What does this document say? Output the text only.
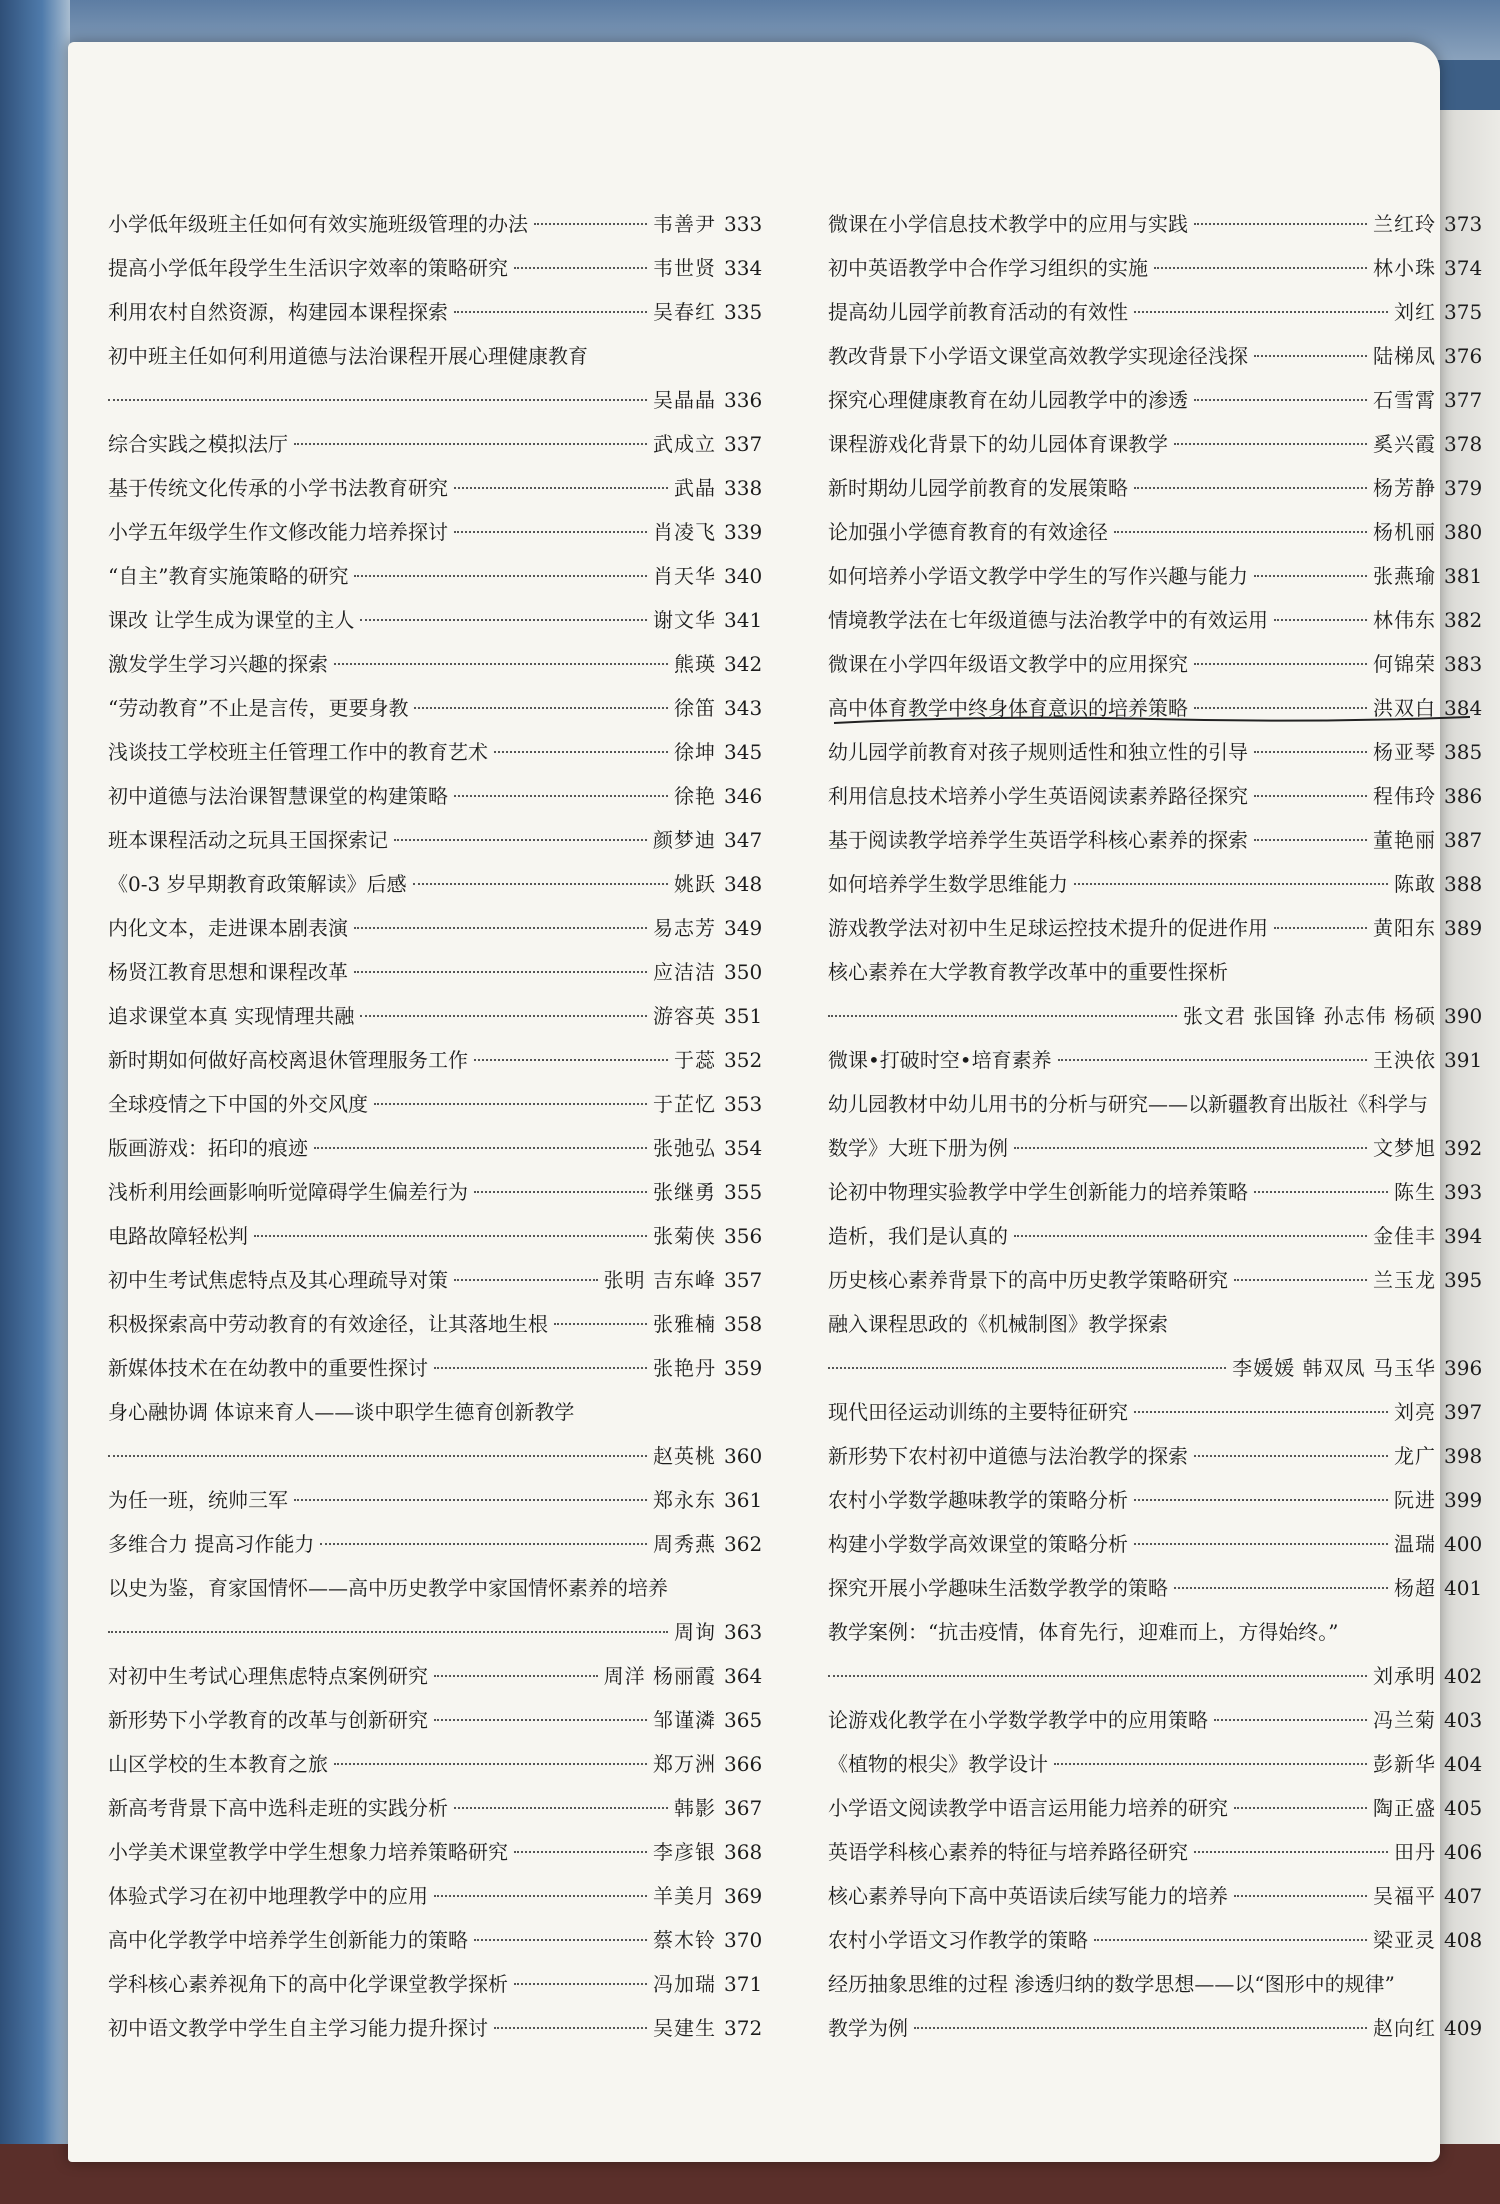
小学低年级班主任如何有效实施班级管理的办法	韦善尹 333
提高小学低年段学生生活识字效率的策略研究	韦世贤 334
利用农村自然资源，构建园本课程探索	吴春红 335
初中班主任如何利用道德与法治课程开展心理健康教育
吴晶晶 336
综合实践之模拟法厅	武成立 337
基于传统文化传承的小学书法教育研究	武晶 338
小学五年级学生作文修改能力培养探讨	肖凌飞 339
“自主”教育实施策略的研究	肖天华 340
课改 让学生成为课堂的主人	谢文华 341
激发学生学习兴趣的探索	熊瑛 342
“劳动教育”不止是言传，更要身教	徐笛 343
浅谈技工学校班主任管理工作中的教育艺术	徐坤 345
初中道德与法治课智慧课堂的构建策略	徐艳 346
班本课程活动之玩具王国探索记	颜梦迪 347
《0-3 岁早期教育政策解读》后感	姚跃 348
内化文本，走进课本剧表演	易志芳 349
杨贤江教育思想和课程改革	应洁洁 350
追求课堂本真 实现情理共融	游容英 351
新时期如何做好高校离退休管理服务工作	于蕊 352
全球疫情之下中国的外交风度	于芷忆 353
版画游戏：拓印的痕迹	张弛弘 354
浅析利用绘画影响听觉障碍学生偏差行为	张继勇 355
电路故障轻松判	张菊侠 356
初中生考试焦虑特点及其心理疏导对策	张明 吉东峰 357
积极探索高中劳动教育的有效途径，让其落地生根	张雅楠 358
新媒体技术在在幼教中的重要性探讨	张艳丹 359
身心融协调 体谅来育人——谈中职学生德育创新教学
赵英桃 360
为任一班，统帅三军	郑永东 361
多维合力 提高习作能力	周秀燕 362
以史为鉴，育家国情怀——高中历史教学中家国情怀素养的培养
周询 363
对初中生考试心理焦虑特点案例研究	周洋 杨丽霞 364
新形势下小学教育的改革与创新研究	邹谨潾 365
山区学校的生本教育之旅	郑万洲 366
新高考背景下高中选科走班的实践分析	韩影 367
小学美术课堂教学中学生想象力培养策略研究	李彦银 368
体验式学习在初中地理教学中的应用	羊美月 369
高中化学教学中培养学生创新能力的策略	蔡木铃 370
学科核心素养视角下的高中化学课堂教学探析	冯加瑞 371
初中语文教学中学生自主学习能力提升探讨	吴建生 372
微课在小学信息技术教学中的应用与实践	兰红玲 373
初中英语教学中合作学习组织的实施	林小珠 374
提高幼儿园学前教育活动的有效性	刘红 375
教改背景下小学语文课堂高效教学实现途径浅探	陆梯凤 376
探究心理健康教育在幼儿园教学中的渗透	石雪霄 377
课程游戏化背景下的幼儿园体育课教学	奚兴霞 378
新时期幼儿园学前教育的发展策略	杨芳静 379
论加强小学德育教育的有效途径	杨机丽 380
如何培养小学语文教学中学生的写作兴趣与能力	张燕瑜 381
情境教学法在七年级道德与法治教学中的有效运用	林伟东 382
微课在小学四年级语文教学中的应用探究	何锦荣 383
高中体育教学中终身体育意识的培养策略	洪双白 384
幼儿园学前教育对孩子规则适性和独立性的引导	杨亚琴 385
利用信息技术培养小学生英语阅读素养路径探究	程伟玲 386
基于阅读教学培养学生英语学科核心素养的探索	董艳丽 387
如何培养学生数学思维能力	陈敢 388
游戏教学法对初中生足球运控技术提升的促进作用	黄阳东 389
核心素养在大学教育教学改革中的重要性探析
张文君 张国锋 孙志伟 杨硕 390
微课•打破时空•培育素养	王泱依 391
幼儿园教材中幼儿用书的分析与研究——以新疆教育出版社《科学与
数学》大班下册为例	文梦旭 392
论初中物理实验教学中学生创新能力的培养策略	陈生 393
造析，我们是认真的	金佳丰 394
历史核心素养背景下的高中历史教学策略研究	兰玉龙 395
融入课程思政的《机械制图》教学探索
李媛媛 韩双凤 马玉华 396
现代田径运动训练的主要特征研究	刘亮 397
新形势下农村初中道德与法治教学的探索	龙广 398
农村小学数学趣味教学的策略分析	阮进 399
构建小学数学高效课堂的策略分析	温瑞 400
探究开展小学趣味生活数学教学的策略	杨超 401
教学案例：“抗击疫情，体育先行，迎难而上，方得始终。”
刘承明 402
论游戏化教学在小学数学教学中的应用策略	冯兰菊 403
《植物的根尖》教学设计	彭新华 404
小学语文阅读教学中语言运用能力培养的研究	陶正盛 405
英语学科核心素养的特征与培养路径研究	田丹 406
核心素养导向下高中英语读后续写能力的培养	吴福平 407
农村小学语文习作教学的策略	梁亚灵 408
经历抽象思维的过程 渗透归纳的数学思想——以“图形中的规律”
教学为例	赵向红 409
